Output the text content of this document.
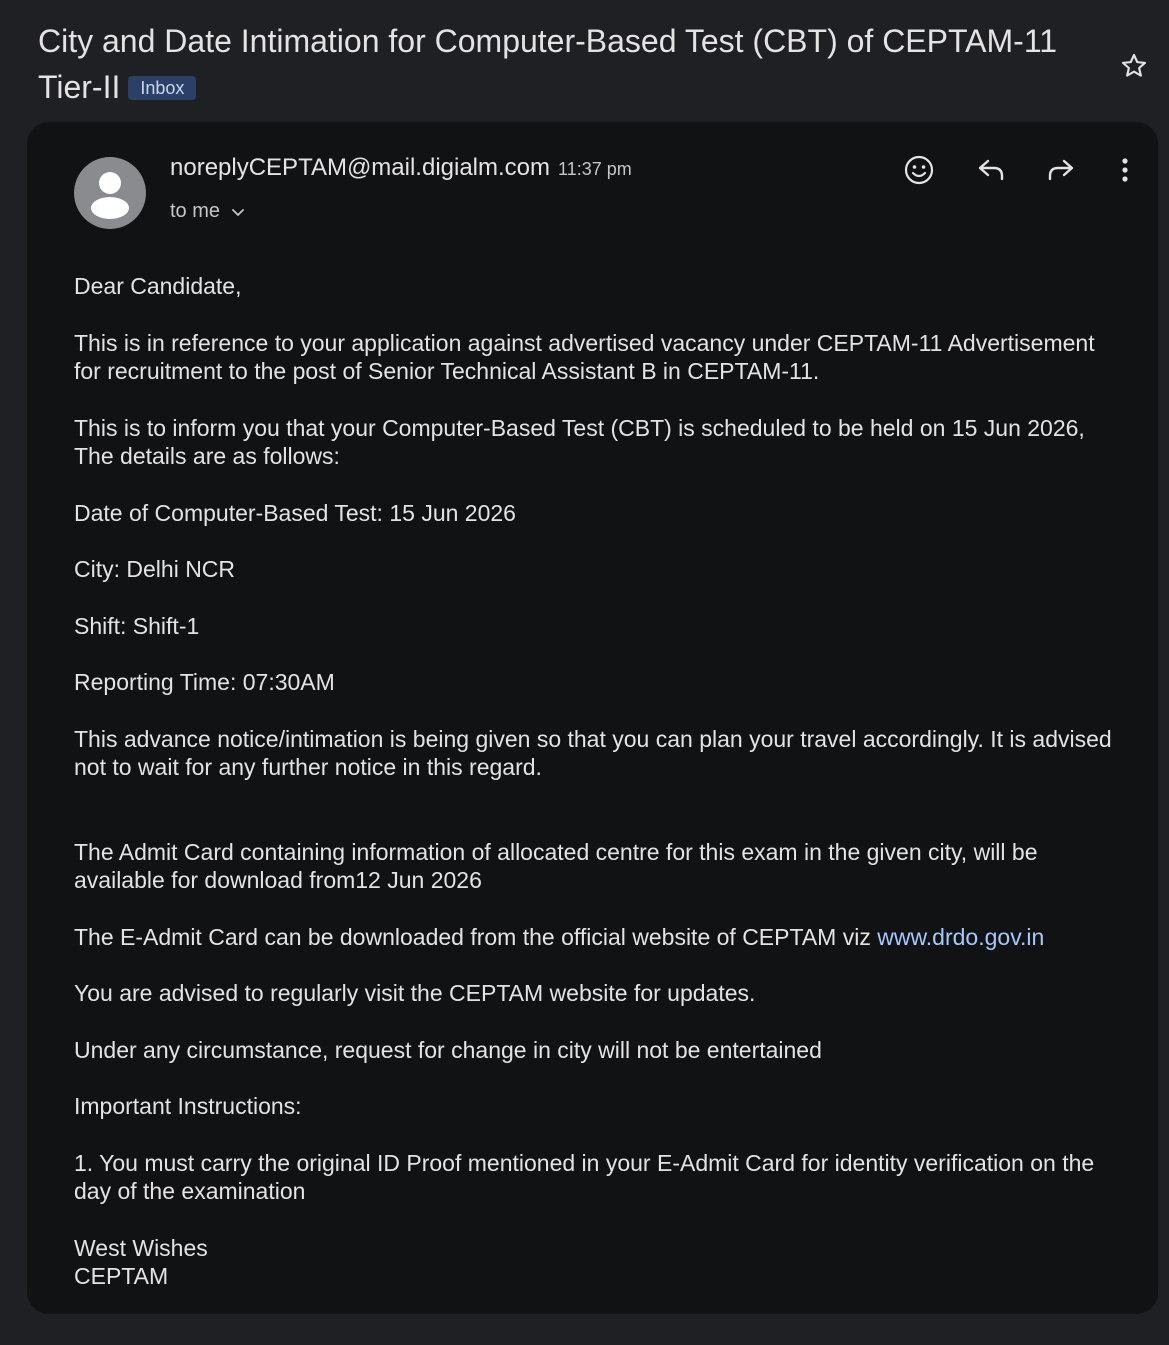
City and Date Intimation for Computer-Based Test (CBT) of CEPTAM-11 Tier-II Inbox
noreplyCEPTAM@mail.digialm.com 11:37 pm
to me

Dear Candidate,

This is in reference to your application against advertised vacancy under CEPTAM-11 Advertisement for recruitment to the post of Senior Technical Assistant B in CEPTAM-11.

This is to inform you that your Computer-Based Test (CBT) is scheduled to be held on 15 Jun 2026, The details are as follows:

Date of Computer-Based Test: 15 Jun 2026

City: Delhi NCR

Shift: Shift-1

Reporting Time: 07:30AM

This advance notice/intimation is being given so that you can plan your travel accordingly. It is advised not to wait for any further notice in this regard.

The Admit Card containing information of allocated centre for this exam in the given city, will be available for download from12 Jun 2026

The E-Admit Card can be downloaded from the official website of CEPTAM viz www.drdo.gov.in

You are advised to regularly visit the CEPTAM website for updates.

Under any circumstance, request for change in city will not be entertained

Important Instructions:

1. You must carry the original ID Proof mentioned in your E-Admit Card for identity verification on the day of the examination

West Wishes
CEPTAM
